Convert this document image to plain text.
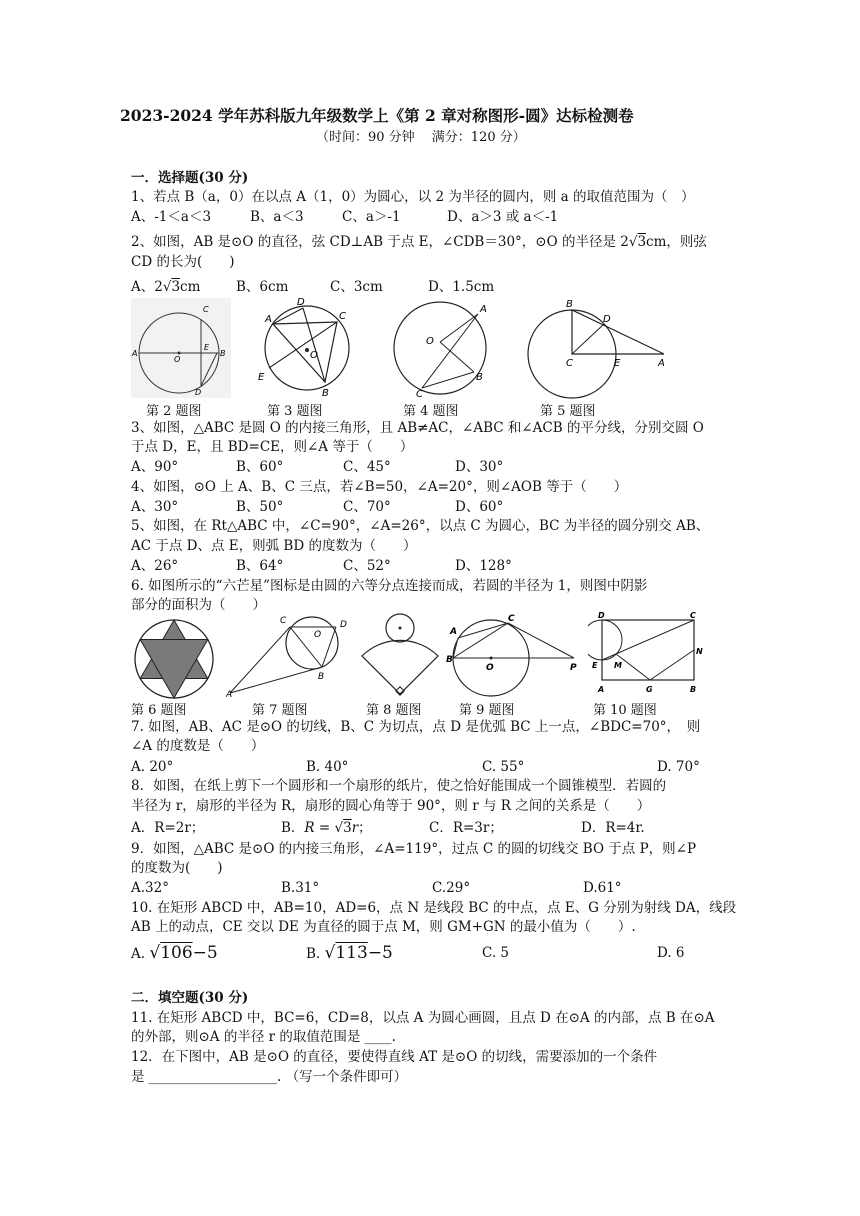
2023-2024 学年苏科版九年级数学上《第 2 章对称图形-圆》达标检测卷
（时间：90 分钟　 满分：120 分）
一．选择题(30 分)
1、若点 B（a，0）在以点 A（1，0）为圆心，以 2 为半径的圆内，则 a 的取值范围为（　）
A、-1＜a＜3	B、a＜3	C、a＞-1	D、a＞3 或 a＜-1
2、如图，AB 是⊙O 的直径，弦 CD⊥AB 于点 E，∠CDB＝30°，⊙O 的半径是 2√3cm，则弦
CD 的长为(　　)
A、2√3cm	B、6cm	C、3cm	D、1.5cm
A
O
C
E
B
D
D
A	C
O
E
B
O
A
B
C
B
D
C	E	A
第 2 题图	第 3 题图	第 4 题图	第 5 题图
3、如图，△ABC 是圆 O 的内接三角形，且 AB≠AC，∠ABC 和∠ACB 的平分线，分别交圆 O
于点 D，E，且 BD=CE，则∠A 等于（　　）
A、90°	B、60°	C、45°	D、30°
4、如图，⊙O 上 A、B、C 三点，若∠B=50，∠A=20°，则∠AOB 等于（　　）
A、30°	B、50°	C、70°	D、60°
5、如图，在 Rt△ABC 中，∠C=90°，∠A=26°，以点 C 为圆心，BC 为半径的圆分别交 AB、
AC 于点 D、点 E，则弧 BD 的度数为（　　）
A、26°	B、64°	C、52°	D、128°
6. 如图所示的“六芒星”图标是由圆的六等分点连接而成，若圆的半径为 1，则图中阴影
部分的面积为（　　）
C
O
D
B
A
A
C
B
O	P
D	C
E M
N
A	G	B
第 6 题图	第 7 题图	第 8 题图	第 9 题图	第 10 题图
7. 如图，AB、AC 是⊙O 的切线，B、C 为切点，点 D 是优弧 BC 上一点，∠BDC=70°，　则
∠A 的度数是（　　）
A. 20°	B. 40°	C. 55°	D. 70°
8．如图，在纸上剪下一个圆形和一个扇形的纸片，使之恰好能围成一个圆锥模型．若圆的
半径为 r，扇形的半径为 R，扇形的圆心角等于 90°，则 r 与 R 之间的关系是（　　）
A．R=2r；	B．R = √3r；	C．R=3r；	D．R=4r.
9．如图，△ABC 是⊙O 的内接三角形，∠A=119°，过点 C 的圆的切线交 BO 于点 P，则∠P
的度数为(　　)
A.32°	B.31°	C.29°	D.61°
10. 在矩形 ABCD 中，AB=10，AD=6，点 N 是线段 BC 的中点，点 E、G 分别为射线 DA，线段
AB 上的动点，CE 交以 DE 为直径的圆于点 M，则 GM+GN 的最小值为（　　）.
A. √106−5	B. √113−5	C. 5	D. 6
二．填空题(30 分)
11. 在矩形 ABCD 中，BC=6，CD=8，以点 A 为圆心画圆，且点 D 在⊙A 的内部，点 B 在⊙A
的外部，则⊙A 的半径 r 的取值范围是 ____.
12．在下图中，AB 是⊙O 的直径，要使得直线 AT 是⊙O 的切线，需要添加的一个条件
是 ___________________. （写一个条件即可）
